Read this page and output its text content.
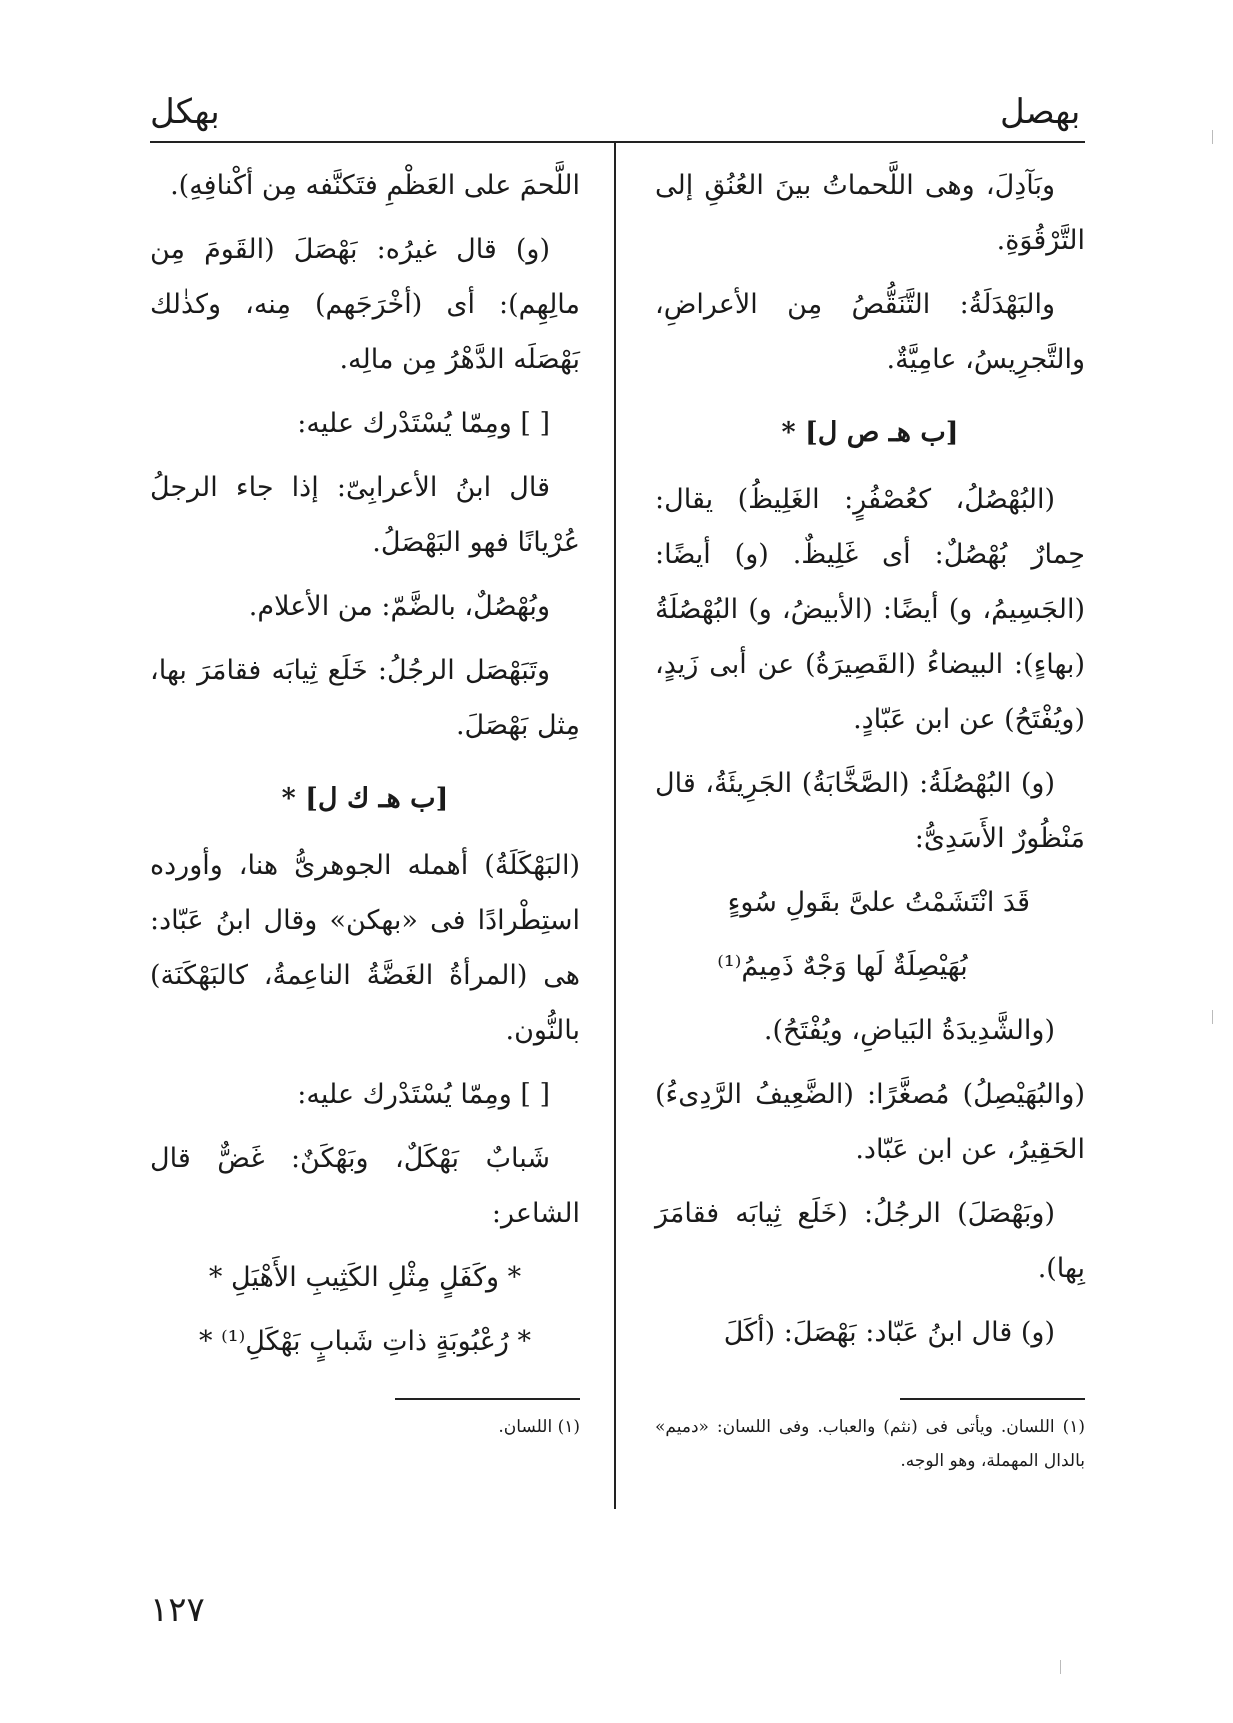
بهصل
بهكل

وبَآدِلَ، وهى اللَّحماتُ بينَ العُنُقِ إلى التَّرْقُوَةِ.

والبَهْدَلَةُ: التَّنَقُّصُ مِن الأعراضِ، والتَّجرِيسُ، عامِيَّةٌ.

[ب هـ ص ل] *

(البُهْصُلُ، كعُصْفُرٍ: الغَلِيظُ) يقال: حِمارٌ بُهْصُلٌ: أى غَلِيظٌ. (و) أيضًا: (الجَسِيمُ، و) أيضًا: (الأبيضُ، و) البُهْصُلَةُ (بهاءٍ): البيضاءُ (القَصِيرَةُ) عن أبى زَيدٍ، (ويُفْتَحُ) عن ابن عَبّادٍ.

(و) البُهْصُلَةُ: (الصَّخَّابَةُ) الجَرِيئَةُ، قال مَنْظُورٌ الأَسَدِىُّ:

قَدَ انْتَشَمْتُ علىَّ بقَولِ سُوءٍ

بُهَيْصِلَةٌ لَها وَجْهٌ ذَمِيمُ⁽¹⁾

(والشَّدِيدَةُ البَياضِ، ويُفْتَحُ).

(والبُهَيْصِلُ) مُصغَّرًا: (الضَّعِيفُ الرَّدِىءُ) الحَقِيرُ، عن ابن عَبّاد.

(وبَهْصَلَ) الرجُلُ: (خَلَع ثِيابَه فقامَرَ بِها).

(و) قال ابنُ عَبّاد: بَهْصَلَ: (أكَلَ

اللَّحمَ على العَظْمِ فتَكنَّفه مِن أكْنافِهِ).

(و) قال غيرُه: بَهْصَلَ (القَومَ مِن مالِهِم): أى (أخْرَجَهم) مِنه، وكذٰلك بَهْصَلَه الدَّهْرُ مِن مالِه.

[ ] ومِمّا يُسْتَدْرك عليه:

قال ابنُ الأعرابِىّ: إذا جاء الرجلُ عُرْيانًا فهو البَهْصَلُ.

وبُهْصُلٌ، بالضَّمّ: من الأعلام.

وتَبَهْصَل الرجُلُ: خَلَع ثِيابَه فقامَرَ بها، مِثل بَهْصَلَ.

[ب هـ ك ل] *

(البَهْكَلَةُ) أهمله الجوهرىُّ هنا، وأورده استِطْرادًا فى «بهكن» وقال ابنُ عَبّاد: هى (المرأةُ الغَضَّةُ الناعِمةُ، كالبَهْكَنَة) بالنُّون.

[ ] ومِمّا يُسْتَدْرك عليه:

شَبابٌ بَهْكَلٌ، وبَهْكَنٌ: غَضٌّ قال الشاعر:

* وكَفَلٍ مِثْلِ الكَثِيبِ الأَهْيَلِ *

* رُعْبُوبَةٍ ذاتِ شَبابٍ بَهْكَلِ⁽¹⁾ *

(١) اللسان. ويأتى فى (نثم) والعباب. وفى اللسان: «دميم» بالدال المهملة، وهو الوجه.
(١) اللسان.
١٢٧
